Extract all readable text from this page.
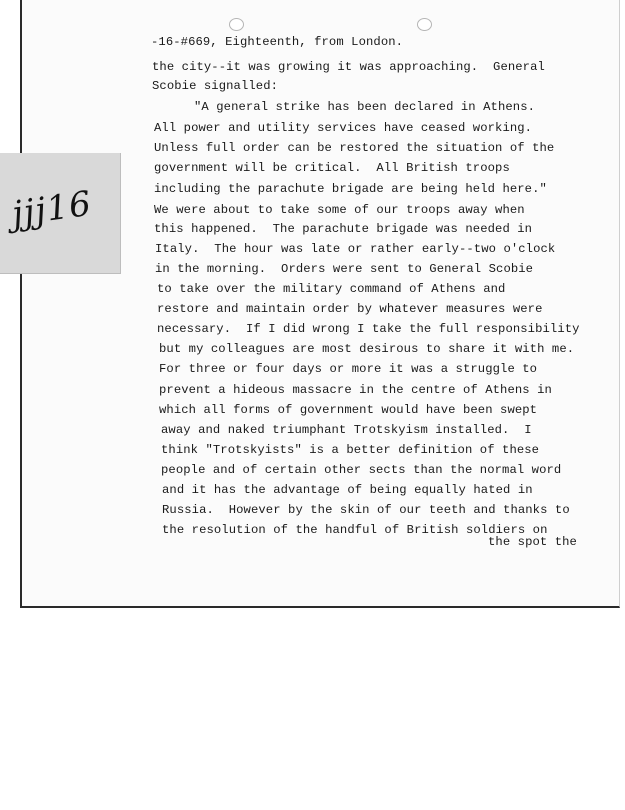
-16-#669, Eighteenth, from London.
the city--it was growing it was approaching.  General
Scobie signalled:
"A general strike has been declared in Athens.
All power and utility services have ceased working.
Unless full order can be restored the situation of the
government will be critical.  All British troops
including the parachute brigade are being held here."
We were about to take some of our troops away when
this happened.  The parachute brigade was needed in
Italy.  The hour was late or rather early--two o'clock
in the morning.  Orders were sent to General Scobie
to take over the military command of Athens and
restore and maintain order by whatever measures were
necessary.  If I did wrong I take the full responsibility
but my colleagues are most desirous to share it with me.
For three or four days or more it was a struggle to
prevent a hideous massacre in the centre of Athens in
which all forms of government would have been swept
away and naked triumphant Trotskyism installed.  I
think "Trotskyists" is a better definition of these
people and of certain other sects than the normal word
and it has the advantage of being equally hated in
Russia.  However by the skin of our teeth and thanks to
the resolution of the handful of British soldiers on
the spot the
jjj16
